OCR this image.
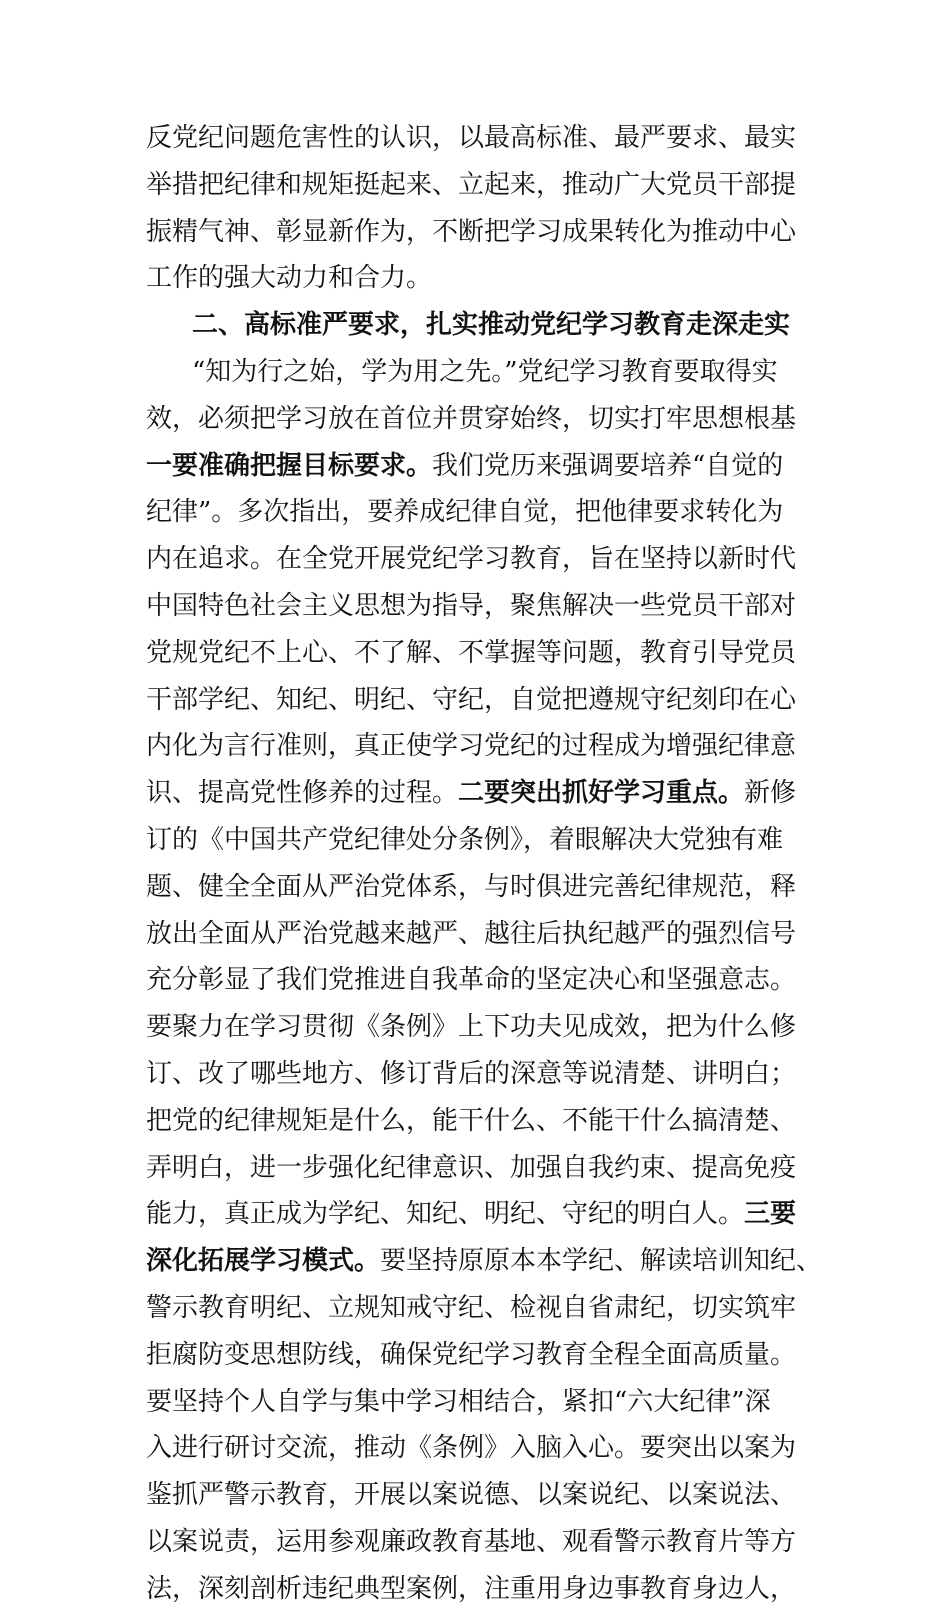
反党纪问题危害性的认识，以最高标准、最严要求、最实
举措把纪律和规矩挺起来、立起来，推动广大党员干部提
振精气神、彰显新作为，不断把学习成果转化为推动中心
工作的强大动力和合力。
二、高标准严要求，扎实推动党纪学习教育走深走实
“知为行之始，学为用之先。”党纪学习教育要取得实
效，必须把学习放在首位并贯穿始终，切实打牢思想根基
一要准确把握目标要求。我们党历来强调要培养“自觉的
纪律”。多次指出，要养成纪律自觉，把他律要求转化为
内在追求。在全党开展党纪学习教育，旨在坚持以新时代
中国特色社会主义思想为指导，聚焦解决一些党员干部对
党规党纪不上心、不了解、不掌握等问题，教育引导党员
干部学纪、知纪、明纪、守纪，自觉把遵规守纪刻印在心
内化为言行准则，真正使学习党纪的过程成为增强纪律意
识、提高党性修养的过程。二要突出抓好学习重点。新修
订的《中国共产党纪律处分条例》，着眼解决大党独有难
题、健全全面从严治党体系，与时俱进完善纪律规范，释
放出全面从严治党越来越严、越往后执纪越严的强烈信号
充分彰显了我们党推进自我革命的坚定决心和坚强意志。
要聚力在学习贯彻《条例》上下功夫见成效，把为什么修
订、改了哪些地方、修订背后的深意等说清楚、讲明白；
把党的纪律规矩是什么，能干什么、不能干什么搞清楚、
弄明白，进一步强化纪律意识、加强自我约束、提高免疫
能力，真正成为学纪、知纪、明纪、守纪的明白人。三要
深化拓展学习模式。要坚持原原本本学纪、解读培训知纪、
警示教育明纪、立规知戒守纪、检视自省肃纪，切实筑牢
拒腐防变思想防线，确保党纪学习教育全程全面高质量。
要坚持个人自学与集中学习相结合，紧扣“六大纪律”深
入进行研讨交流，推动《条例》入脑入心。要突出以案为
鉴抓严警示教育，开展以案说德、以案说纪、以案说法、
以案说责，运用参观廉政教育基地、观看警示教育片等方
法，深刻剖析违纪典型案例，注重用身边事教育身边人，
